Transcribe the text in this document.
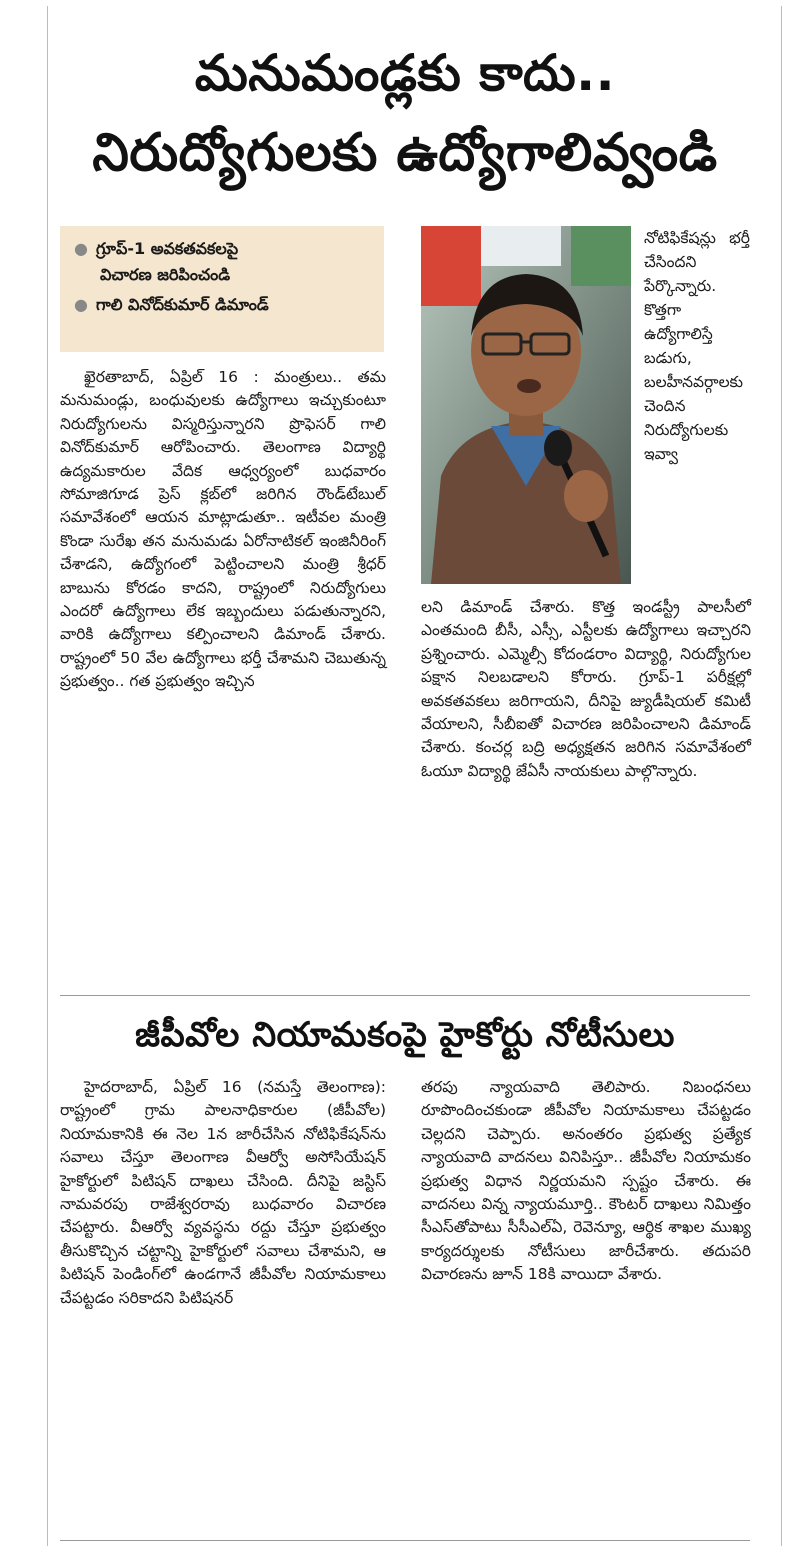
మనుమండ్లకు కాదు..
నిరుద్యోగులకు ఉద్యోగాలివ్వండి

● గ్రూప్-1 అవకతవకలపై

విచారణ జరిపించండి

● గాలి వినోద్‌కుమార్ డిమాండ్

ఖైరతాబాద్, ఏప్రిల్ 16 : మంత్రులు.. తమ మనుమండ్లు, బంధువులకు ఉద్యోగాలు ఇచ్చుకుంటూ నిరుద్యోగులను విస్మరిస్తున్నారని ప్రొఫెసర్ గాలి వినోద్‌కుమార్ ఆరోపించారు. తెలంగాణ విద్యార్థి ఉద్యమకారుల వేదిక ఆధ్వర్యంలో బుధవారం సోమాజిగూడ ప్రెస్ క్లబ్‌లో జరిగిన రౌండ్‌టేబుల్ సమావేశంలో ఆయన మాట్లాడుతూ.. ఇటీవల మంత్రి కొండా సురేఖ తన మనుమడు ఏరోనాటికల్ ఇంజినీరింగ్ చేశాడని, ఉద్యోగంలో పెట్టించాలని మంత్రి శ్రీధర్ బాబును కోరడం కాదని, రాష్ట్రంలో నిరుద్యోగులు ఎందరో ఉద్యోగాలు లేక ఇబ్బందులు పడుతున్నారని, వారికి ఉద్యోగాలు కల్పించాలని డిమాండ్ చేశారు. రాష్ట్రంలో 50 వేల ఉద్యోగాలు భర్తీ చేశామని చెబుతున్న ప్రభుత్వం.. గత ప్రభుత్వం ఇచ్చిన

నోటిఫికేషన్లు భర్తీ చేసిందని పేర్కొన్నారు. కొత్తగా ఉద్యోగాలిస్తే బడుగు, బలహీనవర్గాలకు చెందిన నిరుద్యోగులకు ఇవ్వా

లని డిమాండ్ చేశారు. కొత్త ఇండస్ట్రీ పాలసీలో ఎంతమంది బీసీ, ఎస్సీ, ఎస్టీలకు ఉద్యోగాలు ఇచ్చారని ప్రశ్నించారు. ఎమ్మెల్సీ కోదండరాం విద్యార్థి, నిరుద్యోగుల పక్షాన నిలబడాలని కోరారు. గ్రూప్-1 పరీక్షల్లో అవకతవకలు జరిగాయని, దీనిపై జ్యుడీషియల్ కమిటీ వేయాలని, సీబీఐతో విచారణ జరిపించాలని డిమాండ్ చేశారు. కంచర్ల బద్రి అధ్యక్షతన జరిగిన సమావేశంలో ఓయూ విద్యార్థి జేఏసీ నాయకులు పాల్గొన్నారు.

జీపీవోల నియామకంపై హైకోర్టు నోటీసులు

హైదరాబాద్, ఏప్రిల్ 16 (నమస్తే తెలంగాణ): రాష్ట్రంలో గ్రామ పాలనాధికారుల (జీపీవోల) నియామకానికి ఈ నెల 1న జారీచేసిన నోటిఫికేషన్‌ను సవాలు చేస్తూ తెలంగాణ వీఆర్వో అసోసియేషన్ హైకోర్టులో పిటిషన్ దాఖలు చేసింది. దీనిపై జస్టిస్ నామవరపు రాజేశ్వరరావు బుధవారం విచారణ చేపట్టారు. వీఆర్వో వ్యవస్థను రద్దు చేస్తూ ప్రభుత్వం తీసుకొచ్చిన చట్టాన్ని హైకోర్టులో సవాలు చేశామని, ఆ పిటిషన్ పెండింగ్‌లో ఉండగానే జీపీవోల నియామకాలు చేపట్టడం సరికాదని పిటిషనర్

తరపు న్యాయవాది తెలిపారు. నిబంధనలు రూపొందించకుండా జీపీవోల నియామకాలు చేపట్టడం చెల్లదని చెప్పారు. అనంతరం ప్రభుత్వ ప్రత్యేక న్యాయవాది వాదనలు వినిపిస్తూ.. జీపీవోల నియామకం ప్రభుత్వ విధాన నిర్ణయమని స్పష్టం చేశారు. ఈ వాదనలు విన్న న్యాయమూర్తి.. కౌంటర్ దాఖలు నిమిత్తం సీఎస్‌తోపాటు సీసీఎల్ఏ, రెవెన్యూ, ఆర్థిక శాఖల ముఖ్య కార్యదర్శులకు నోటీసులు జారీచేశారు. తదుపరి విచారణను జూన్ 18కి వాయిదా వేశారు.
